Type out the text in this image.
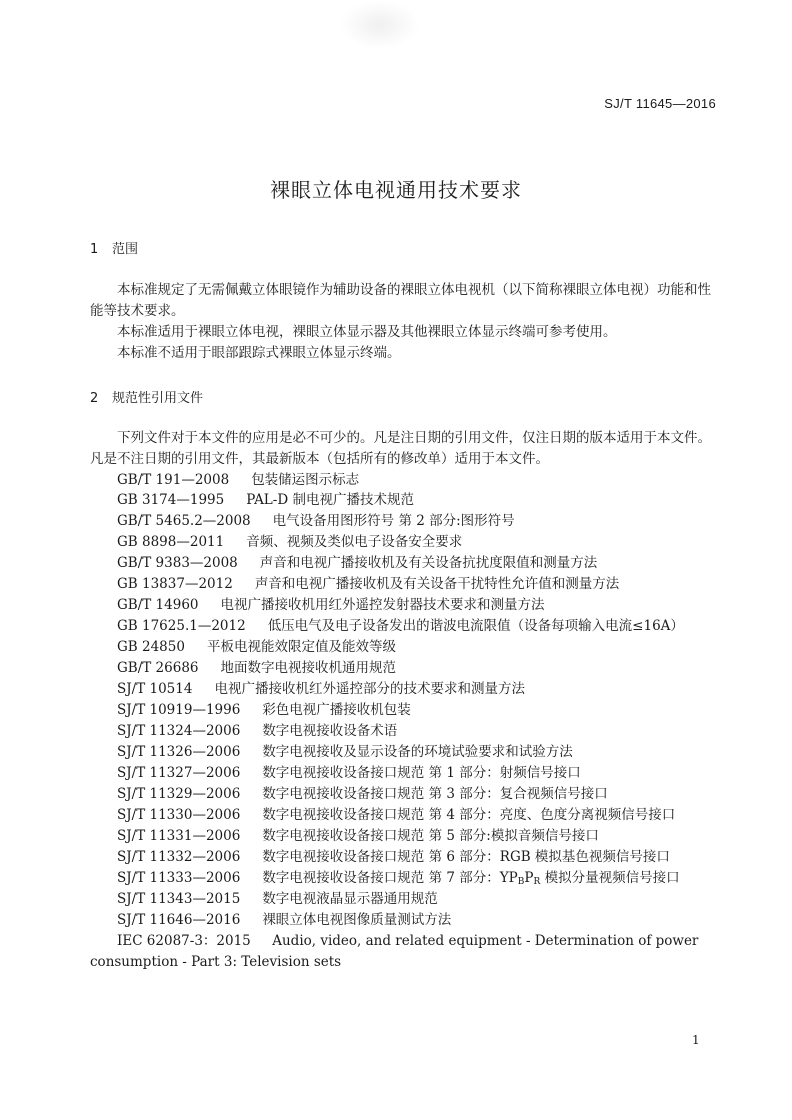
SJ/T 11645—2016
裸眼立体电视通用技术要求
1 范围

本标准规定了无需佩戴立体眼镜作为辅助设备的裸眼立体电视机（以下简称裸眼立体电视）功能和性能等技术要求。

本标准适用于裸眼立体电视，裸眼立体显示器及其他裸眼立体显示终端可参考使用。

本标准不适用于眼部跟踪式裸眼立体显示终端。

2 规范性引用文件

下列文件对于本文件的应用是必不可少的。凡是注日期的引用文件，仅注日期的版本适用于本文件。凡是不注日期的引用文件，其最新版本（包括所有的修改单）适用于本文件。

GB/T 191—2008 包装储运图示标志
GB 3174—1995 PAL-D 制电视广播技术规范
GB/T 5465.2—2008 电气设备用图形符号 第 2 部分:图形符号
GB 8898—2011 音频、视频及类似电子设备安全要求
GB/T 9383—2008 声音和电视广播接收机及有关设备抗扰度限值和测量方法
GB 13837—2012 声音和电视广播接收机及有关设备干扰特性允许值和测量方法
GB/T 14960 电视广播接收机用红外遥控发射器技术要求和测量方法
GB 17625.1—2012 低压电气及电子设备发出的谐波电流限值（设备每项输入电流≤16A）
GB 24850 平板电视能效限定值及能效等级
GB/T 26686 地面数字电视接收机通用规范
SJ/T 10514 电视广播接收机红外遥控部分的技术要求和测量方法
SJ/T 10919—1996 彩色电视广播接收机包装
SJ/T 11324—2006 数字电视接收设备术语
SJ/T 11326—2006 数字电视接收及显示设备的环境试验要求和试验方法
SJ/T 11327—2006 数字电视接收设备接口规范 第 1 部分：射频信号接口
SJ/T 11329—2006 数字电视接收设备接口规范 第 3 部分：复合视频信号接口
SJ/T 11330—2006 数字电视接收设备接口规范 第 4 部分：亮度、色度分离视频信号接口
SJ/T 11331—2006 数字电视接收设备接口规范 第 5 部分:模拟音频信号接口
SJ/T 11332—2006 数字电视接收设备接口规范 第 6 部分：RGB 模拟基色视频信号接口
SJ/T 11333—2006 数字电视接收设备接口规范 第 7 部分：$YP_BP_R$ 模拟分量视频信号接口
SJ/T 11343—2015 数字电视液晶显示器通用规范
SJ/T 11646—2016 裸眼立体电视图像质量测试方法

IEC 62087-3：2015 Audio, video, and related equipment - Determination of power consumption - Part 3: Television sets

1
